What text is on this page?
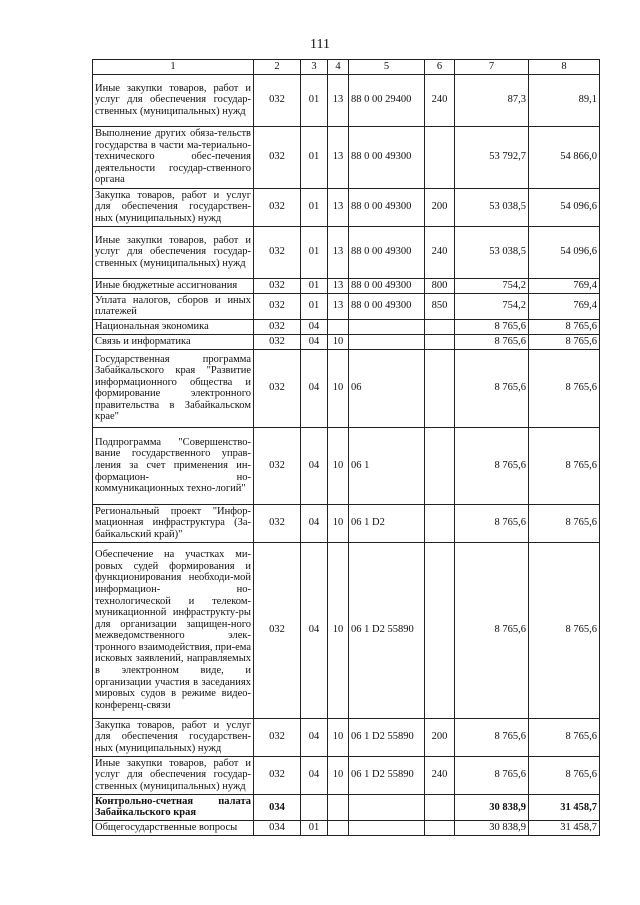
111
1	2	3	4	5	6	7	8
Иные закупки товаров, работ и услуг для обеспечения государ-ственных (муниципальных) нужд	032	01	13	88 0 00 29400	240	87,3	89,1
Выполнение других обяза-тельств государства в части ма-териально-технического обес-печения деятельности государ-ственного органа	032	01	13	88 0 00 49300		53 792,7	54 866,0
Закупка товаров, работ и услуг для обеспечения государствен-ных (муниципальных) нужд	032	01	13	88 0 00 49300	200	53 038,5	54 096,6
Иные закупки товаров, работ и услуг для обеспечения государ-ственных (муниципальных) нужд	032	01	13	88 0 00 49300	240	53 038,5	54 096,6
Иные бюджетные ассигнования	032	01	13	88 0 00 49300	800	754,2	769,4
Уплата налогов, сборов и иных платежей	032	01	13	88 0 00 49300	850	754,2	769,4
Национальная экономика	032	04				8 765,6	8 765,6
Связь и информатика	032	04	10			8 765,6	8 765,6
Государственная программа Забайкальского края "Развитие информационного общества и формирование электронного правительства в Забайкальском крае"	032	04	10	06		8 765,6	8 765,6
Подпрограмма "Совершенство-вание государственного управ-ления за счет применения ин-формацион- но-коммуникационных техно-логий"	032	04	10	06 1		8 765,6	8 765,6
Региональный проект "Инфор-мационная инфраструктура (За-байкальский край)"	032	04	10	06 1 D2		8 765,6	8 765,6
Обеспечение на участках ми-ровых судей формирования и функционирования необходи-мой информацион- но-технологической и телеком-муникационной инфраструкту-ры для организации защищен-ного межведомственного элек-тронного взаимодействия, при-ема исковых заявлений, направляемых в электронном виде, и организации участия в заседаниях мировых судов в режиме видео-конференц-связи	032	04	10	06 1 D2 55890		8 765,6	8 765,6
Закупка товаров, работ и услуг для обеспечения государствен-ных (муниципальных) нужд	032	04	10	06 1 D2 55890	200	8 765,6	8 765,6
Иные закупки товаров, работ и услуг для обеспечения государ-ственных (муниципальных) нужд	032	04	10	06 1 D2 55890	240	8 765,6	8 765,6
Контрольно-счетная палата Забайкальского края	034					30 838,9	31 458,7
Общегосударственные вопросы	034	01				30 838,9	31 458,7
